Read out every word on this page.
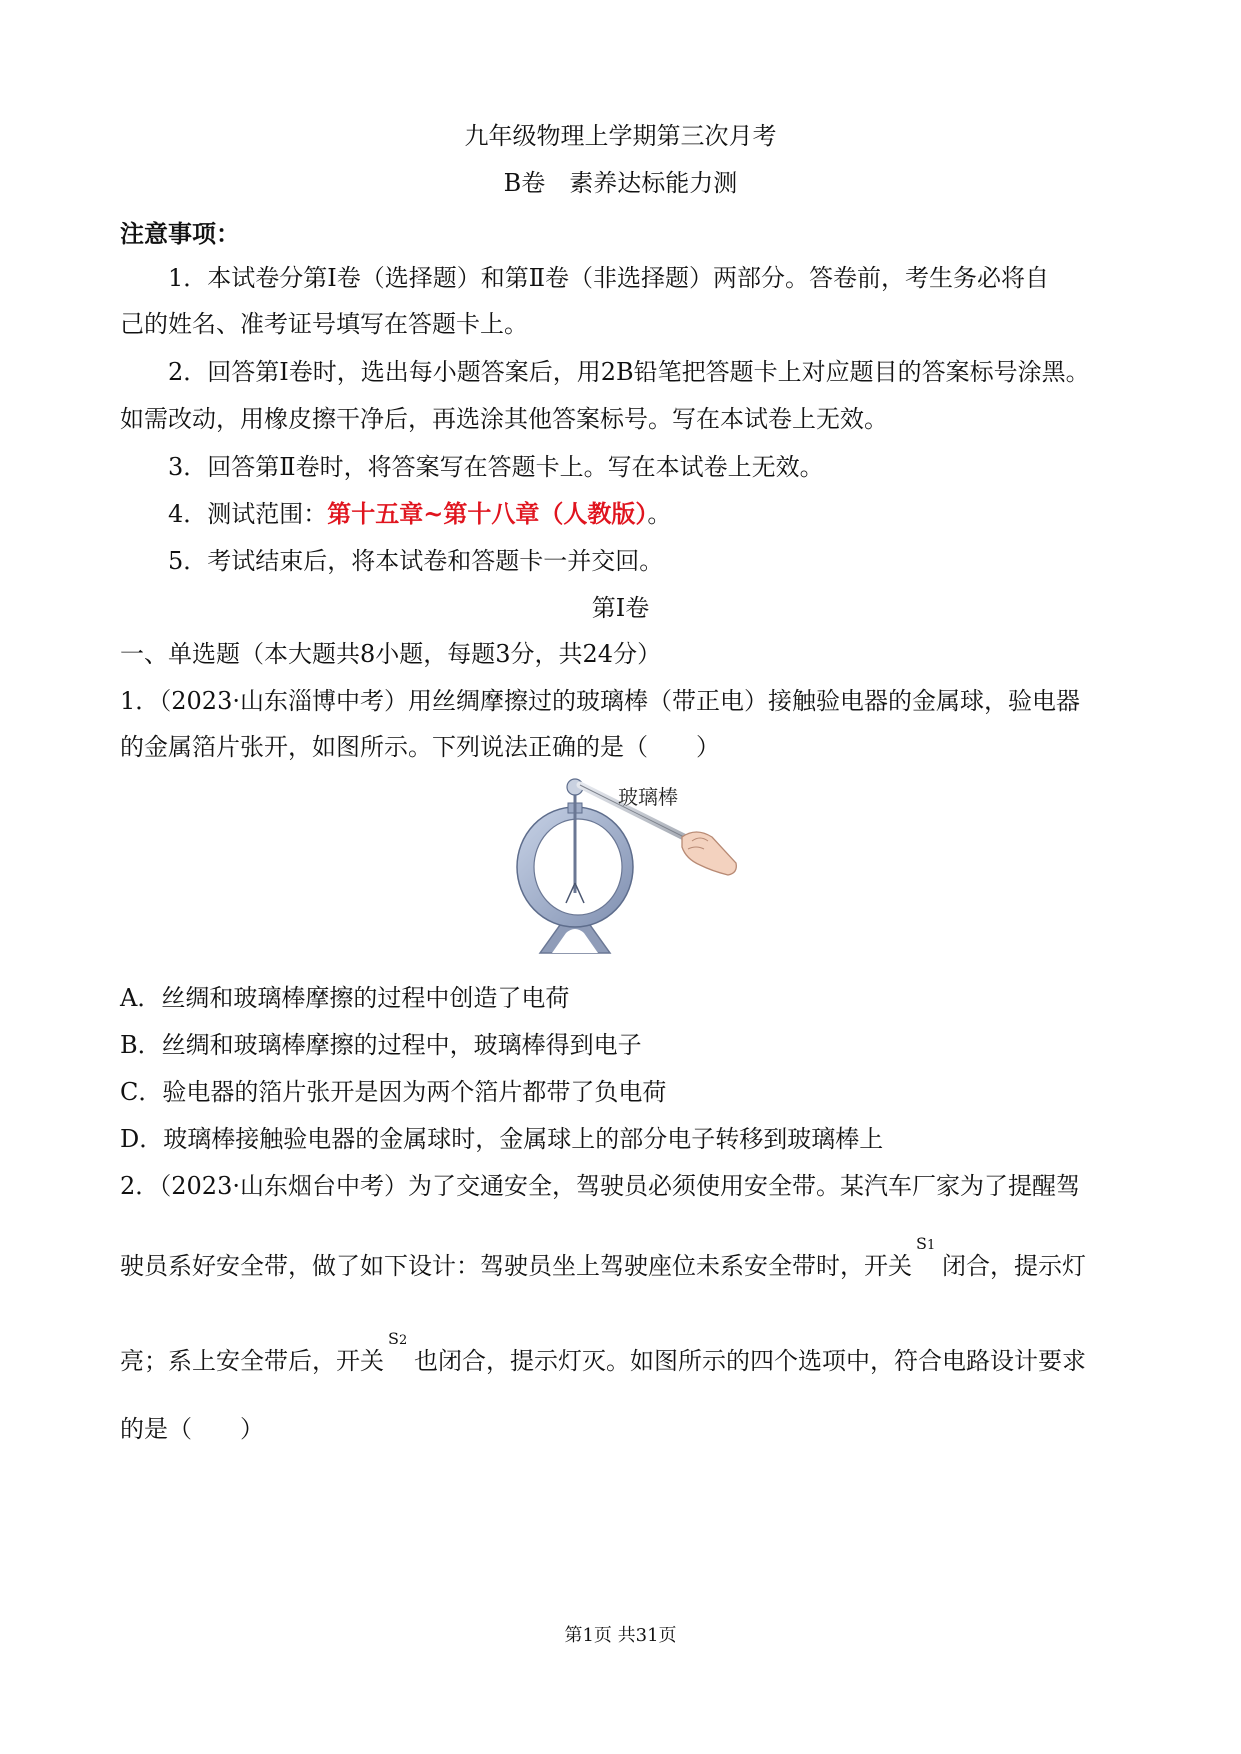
九年级物理上学期第三次月考
B卷　素养达标能力测
注意事项：
1．本试卷分第Ⅰ卷（选择题）和第Ⅱ卷（非选择题）两部分。答卷前，考生务必将自
己的姓名、准考证号填写在答题卡上。
2．回答第Ⅰ卷时，选出每小题答案后，用2B铅笔把答题卡上对应题目的答案标号涂黑。
如需改动，用橡皮擦干净后，再选涂其他答案标号。写在本试卷上无效。
3．回答第Ⅱ卷时，将答案写在答题卡上。写在本试卷上无效。
4．测试范围：第十五章~第十八章（人教版）。
5．考试结束后，将本试卷和答题卡一并交回。
第Ⅰ卷
一、单选题（本大题共8小题，每题3分，共24分）
1．（2023·山东淄博中考）用丝绸摩擦过的玻璃棒（带正电）接触验电器的金属球，验电器
的金属箔片张开，如图所示。下列说法正确的是（　　）
玻璃棒
A．丝绸和玻璃棒摩擦的过程中创造了电荷
B．丝绸和玻璃棒摩擦的过程中，玻璃棒得到电子
C．验电器的箔片张开是因为两个箔片都带了负电荷
D．玻璃棒接触验电器的金属球时，金属球上的部分电子转移到玻璃棒上
2．（2023·山东烟台中考）为了交通安全，驾驶员必须使用安全带。某汽车厂家为了提醒驾
驶员系好安全带，做了如下设计：驾驶员坐上驾驶座位未系安全带时，开关
S1
闭合，提示灯
亮；系上安全带后，开关
S2
也闭合，提示灯灭。如图所示的四个选项中，符合电路设计要求
的是（　　）
第1页 共31页
